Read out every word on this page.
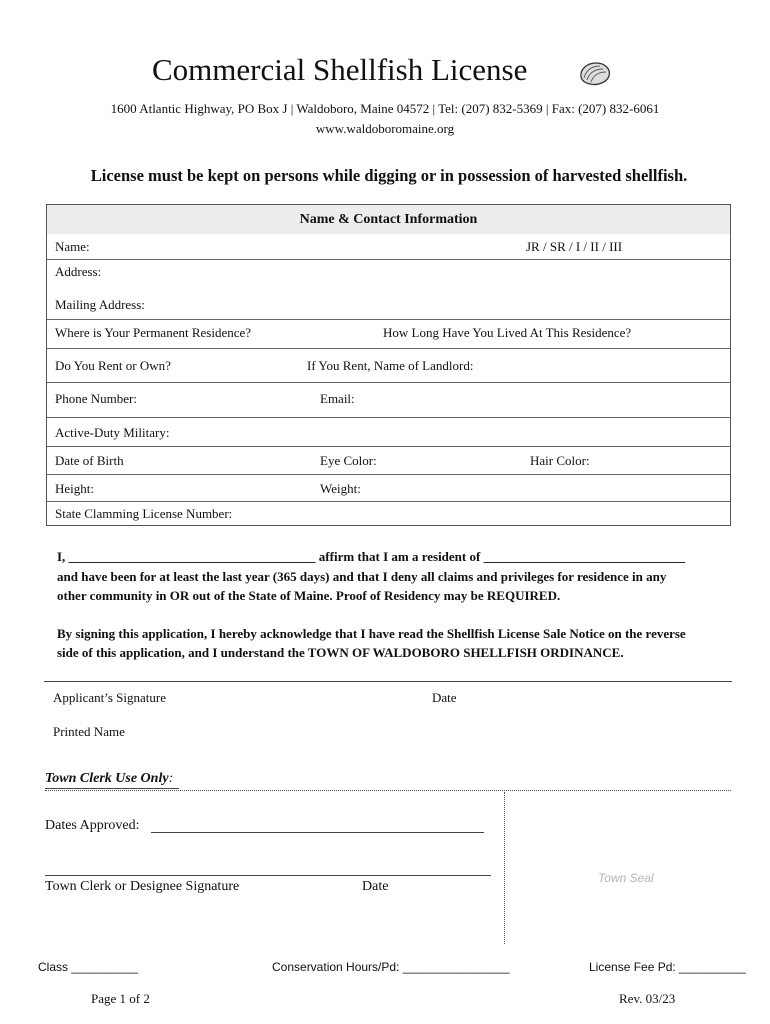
Commercial Shellfish License
1600 Atlantic Highway, PO Box J | Waldoboro, Maine 04572 | Tel: (207) 832-5369 | Fax: (207) 832-6061
www.waldoboromaine.org
License must be kept on persons while digging or in possession of harvested shellfish.
Name & Contact Information
Name:	JR / SR / I / II / III
Address:
Mailing Address:
Where is Your Permanent Residence?	How Long Have You Lived At This Residence?
Do You Rent or Own?	If You Rent, Name of Landlord:
Phone Number:	Email:
Active-Duty Military:
Date of Birth	Eye Color:	Hair Color:
Height:	Weight:
State Clamming License Number:
I, ______________________________________ affirm that I am a resident of _______________________________
and have been for at least the last year (365 days) and that I deny all claims and privileges for residence in any
other community in OR out of the State of Maine. Proof of Residency may be REQUIRED.
By signing this application, I hereby acknowledge that I have read the Shellfish License Sale Notice on the reverse
side of this application, and I understand the TOWN OF WALDOBORO SHELLFISH ORDINANCE.
Applicant’s Signature	Date
Printed Name
Town Clerk Use Only:
Dates Approved:
Town Clerk or Designee Signature	Date
Town Seal
Class __________	Conservation Hours/Pd: ________________	License Fee Pd: __________
Page 1 of 2	Rev. 03/23
